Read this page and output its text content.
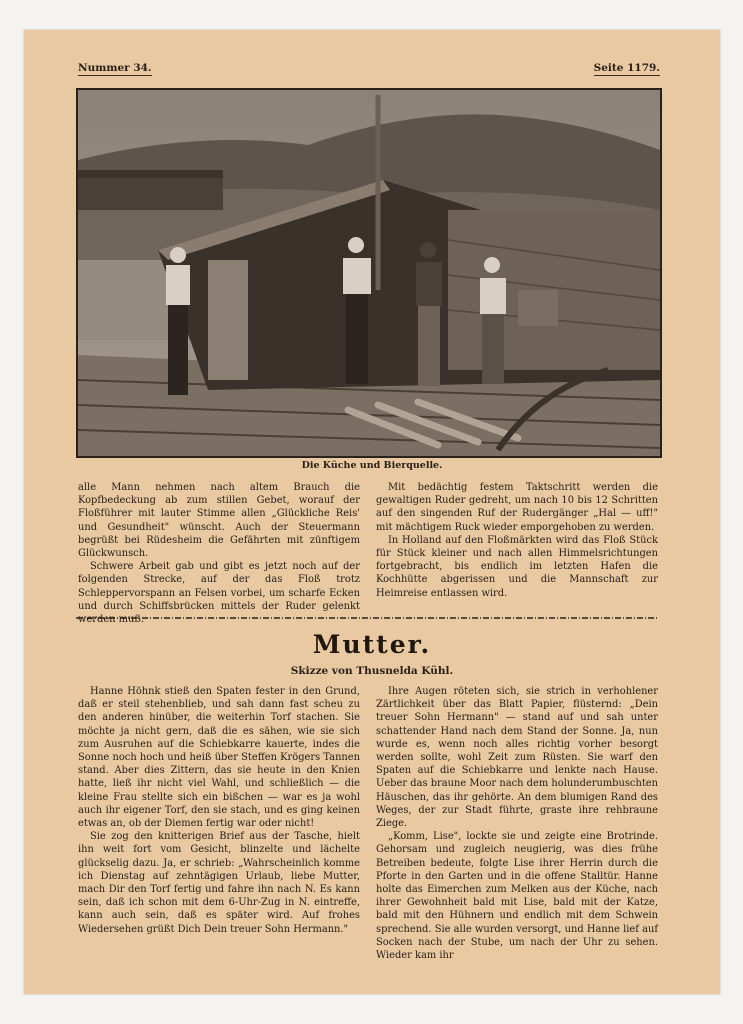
Nummer 34.	Seite 1179.
Die Küche und Bierquelle.

alle Mann nehmen nach altem Brauch die Kopfbedeckung ab zum stillen Gebet, worauf der Floßführer mit lauter Stimme allen „Glückliche Reis' und Gesundheit" wünscht. Auch der Steuermann begrüßt bei Rüdesheim die Gefährten mit zünftigem Glückwunsch.

Schwere Arbeit gab und gibt es jetzt noch auf der folgenden Strecke, auf der das Floß trotz Schleppervorspann an Felsen vorbei, um scharfe Ecken und durch Schiffsbrücken mittels der Ruder gelenkt werden muß.

Mit bedächtig festem Taktschritt werden die gewaltigen Ruder gedreht, um nach 10 bis 12 Schritten auf den singenden Ruf der Rudergänger „Hal — uff!" mit mächtigem Ruck wieder emporgehoben zu werden.

In Holland auf den Floßmärkten wird das Floß Stück für Stück kleiner und nach allen Himmelsrichtungen fortgebracht, bis endlich im letzten Hafen die Kochhütte abgerissen und die Mannschaft zur Heimreise entlassen wird.

Mutter.
Skizze von Thusnelda Kühl.

Hanne Höhnk stieß den Spaten fester in den Grund, daß er steil stehenblieb, und sah dann fast scheu zu den anderen hinüber, die weiterhin Torf stachen. Sie möchte ja nicht gern, daß die es sähen, wie sie sich zum Ausruhen auf die Schiebkarre kauerte, indes die Sonne noch hoch und heiß über Steffen Krögers Tannen stand. Aber dies Zittern, das sie heute in den Knien hatte, ließ ihr nicht viel Wahl, und schließlich — die kleine Frau stellte sich ein bißchen — war es ja wohl auch ihr eigener Torf, den sie stach, und es ging keinen etwas an, ob der Diemen fertig war oder nicht!

Sie zog den knitterigen Brief aus der Tasche, hielt ihn weit fort vom Gesicht, blinzelte und lächelte glückselig dazu. Ja, er schrieb: „Wahrscheinlich komme ich Dienstag auf zehntägigen Urlaub, liebe Mutter, mach Dir den Torf fertig und fahre ihn nach N. Es kann sein, daß ich schon mit dem 6-Uhr-Zug in N. eintreffe, kann auch sein, daß es später wird. Auf frohes Wiedersehen grüßt Dich Dein treuer Sohn Hermann."

Ihre Augen röteten sich, sie strich in verhohlener Zärtlichkeit über das Blatt Papier, flüsternd: „Dein treuer Sohn Hermann" — stand auf und sah unter schattender Hand nach dem Stand der Sonne. Ja, nun wurde es, wenn noch alles richtig vorher besorgt werden sollte, wohl Zeit zum Rüsten. Sie warf den Spaten auf die Schiebkarre und lenkte nach Hause. Ueber das braune Moor nach dem holunderumbuschten Häuschen, das ihr gehörte. An dem blumigen Rand des Weges, der zur Stadt führte, graste ihre rehbraune Ziege.

„Komm, Lise", lockte sie und zeigte eine Brotrinde. Gehorsam und zugleich neugierig, was dies frühe Betreiben bedeute, folgte Lise ihrer Herrin durch die Pforte in den Garten und in die offene Stalltür. Hanne holte das Eimerchen zum Melken aus der Küche, nach ihrer Gewohnheit bald mit Lise, bald mit der Katze, bald mit den Hühnern und endlich mit dem Schwein sprechend. Sie alle wurden versorgt, und Hanne lief auf Socken nach der Stube, um nach der Uhr zu sehen. Wieder kam ihr
